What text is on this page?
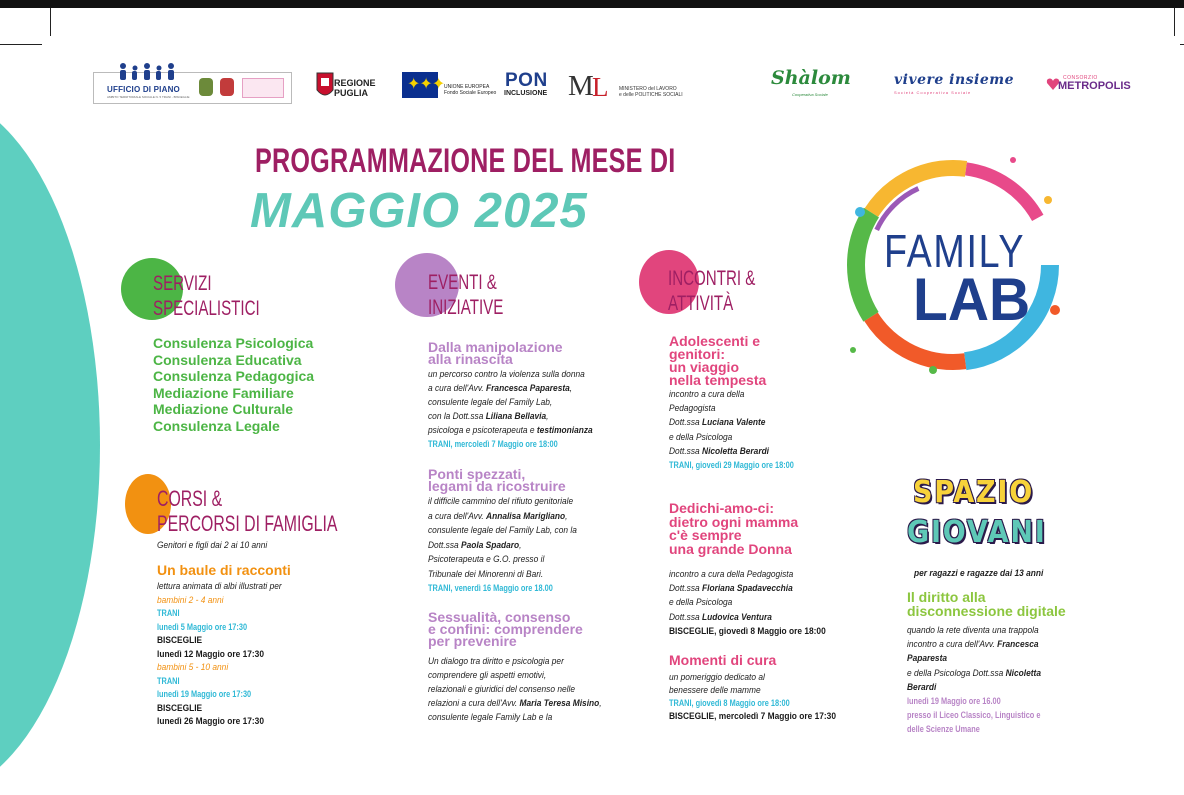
UFFICIO DI PIANO
AMBITO TERRITORIALE SOCIALE N. 5 TRANI - BISCEGLIE
REGIONE
PUGLIA	✦✦✦ UNIONE EUROPEA
Fondo Sociale Europeo
PON
INCLUSIONE M
L MINISTERO del LAVORO
e delle POLITICHE SOCIALI
Shàlom
Cooperativa Sociale
vivere insieme
Società Cooperativa Sociale
CONSORZIO
METROPOLIS
PROGRAMMAZIONE DEL MESE DI
MAGGIO 2025
FAMILY
LAB
SERVIZI
SPECIALISTICI
Consulenza Psicologica
Consulenza Educativa
Consulenza Pedagogica
Mediazione Familiare
Mediazione Culturale
Consulenza Legale
CORSI &
PERCORSI DI FAMIGLIA
Genitori e figli dai 2 ai 10 anni
Un baule di racconti
lettura animata di albi illustrati per
bambini 2 - 4 anni
TRANI
lunedì 5 Maggio ore 17:30
BISCEGLIE
lunedì 12 Maggio ore 17:30
bambini 5 - 10 anni
TRANI
lunedì 19 Maggio ore 17:30
BISCEGLIE
lunedì 26 Maggio ore 17:30
EVENTI &
INIZIATIVE
Dalla manipolazione
alla rinascita
un percorso contro la violenza sulla donna
a cura dell'Avv. Francesca Paparesta,
consulente legale del Family Lab,
con la Dott.ssa Liliana Bellavia,
psicologa e psicoterapeuta e testimonianza
TRANI, mercoledì 7 Maggio ore 18:00
Ponti spezzati,
legami da ricostruire
il difficile cammino del rifiuto genitoriale
a cura dell'Avv. Annalisa Marigliano,
consulente legale del Family Lab, con la
Dott.ssa Paola Spadaro,
Psicoterapeuta e G.O. presso il
Tribunale dei Minorenni di Bari.
TRANI, venerdì 16 Maggio ore 18.00
Sessualità, consenso
e confini: comprendere
per prevenire
Un dialogo tra diritto e psicologia per
comprendere gli aspetti emotivi,
relazionali e giuridici del consenso nelle
relazioni a cura dell'Avv. Maria Teresa Misino,
consulente legale Family Lab e la
INCONTRI &
ATTIVITÀ
Adolescenti e
genitori:
un viaggio
nella tempesta
incontro a cura della
Pedagogista
Dott.ssa Luciana Valente
e della Psicologa
Dott.ssa Nicoletta Berardi
TRANI, giovedì 29 Maggio ore 18:00
Dedichi-amo-ci:
dietro ogni mamma
c'è sempre
una grande Donna
incontro a cura della Pedagogista
Dott.ssa Floriana Spadavecchia
e della Psicologa
Dott.ssa Ludovica Ventura
BISCEGLIE, giovedì 8 Maggio ore 18:00
Momenti di cura
un pomeriggio dedicato al
benessere delle mamme
TRANI, giovedì 8 Maggio ore 18:00
BISCEGLIE, mercoledì 7 Maggio ore 17:30
SPAZIO
GIOVANI
per ragazzi e ragazze dai 13 anni
Il diritto alla
disconnessione digitale
quando la rete diventa una trappola
incontro a cura dell'Avv. Francesca
Paparesta
e della Psicologa Dott.ssa Nicoletta
Berardi
lunedì 19 Maggio ore 16.00
presso il Liceo Classico, Linguistico e
delle Scienze Umane
